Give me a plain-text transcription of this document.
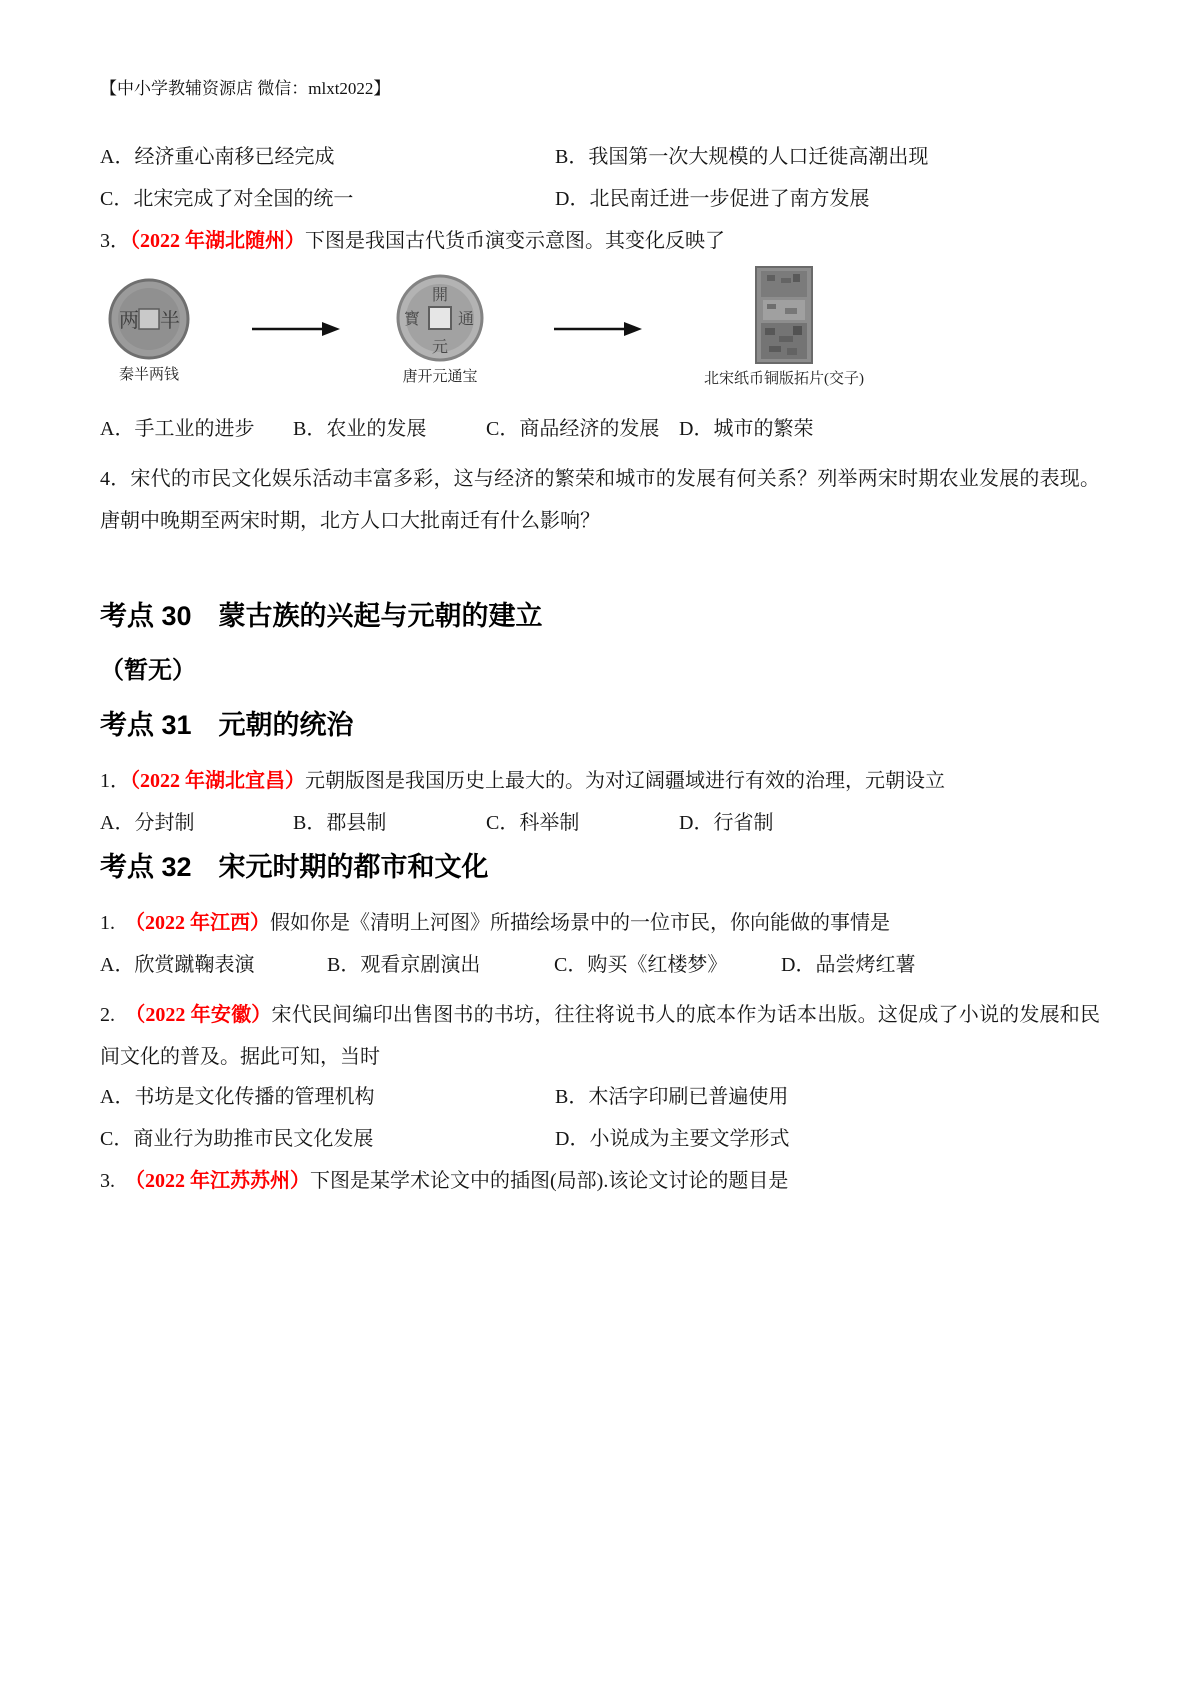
【中小学教辅资源店 微信：mlxt2022】
A．经济重心南移已经完成	B．我国第一次大规模的人口迁徙高潮出现
C．北宋完成了对全国的统一	D．北民南迁进一步促进了南方发展
3．（2022 年湖北随州）下图是我国古代货币演变示意图。其变化反映了
两 半
秦半两钱
開
元
寳 通
唐开元通宝	北宋纸币铜版拓片(交子)
A．手工业的进步	B．农业的发展	C．商品经济的发展 D．城市的繁荣
4．宋代的市民文化娱乐活动丰富多彩，这与经济的繁荣和城市的发展有何关系？列举两宋时期农业发展的表现。唐朝中晚期至两宋时期，北方人口大批南迁有什么影响？
考点 30　蒙古族的兴起与元朝的建立
（暂无）
考点 31　元朝的统治
1．（2022 年湖北宜昌）元朝版图是我国历史上最大的。为对辽阔疆域进行有效的治理，元朝设立
A．分封制	B．郡县制	C．科举制	D．行省制
考点 32　宋元时期的都市和文化
1. （2022 年江西）假如你是《清明上河图》所描绘场景中的一位市民，你向能做的事情是
A．欣赏蹴鞠表演	B．观看京剧演出	C．购买《红楼梦》	D．品尝烤红薯
2. （2022 年安徽）宋代民间编印出售图书的书坊，往往将说书人的底本作为话本出版。这促成了小说的发展和民间文化的普及。据此可知，当时
A．书坊是文化传播的管理机构	B．木活字印刷已普遍使用
C．商业行为助推市民文化发展	D．小说成为主要文学形式
3. （2022 年江苏苏州）下图是某学术论文中的插图(局部).该论文讨论的题目是
